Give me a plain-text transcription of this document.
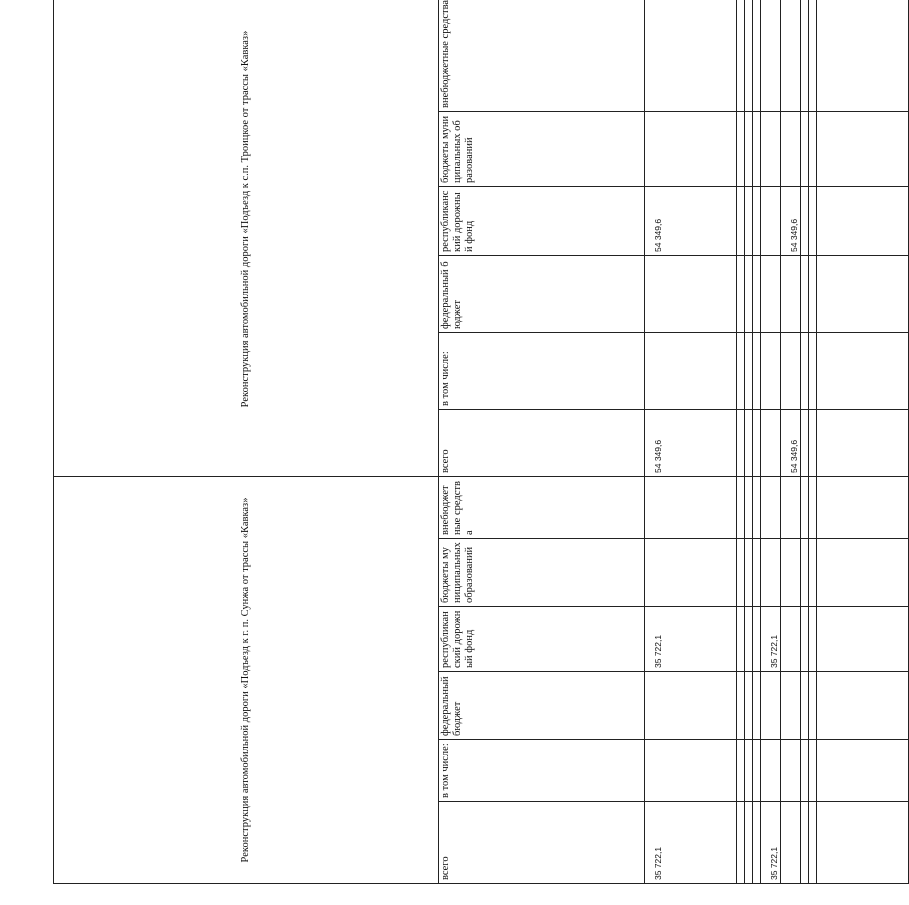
Реконструкция автомобильной дороги «Подъезд к г. п. Сунжа от трассы «Кавказ»						Реконструкция автомобильной дороги «Подъезд к с.п. Троицкое от трассы «Кавказ»	
всего	в том числе:	федеральный бюджет	республиканский дорожный фонд	бюджеты муниципальных образований	внебюджетные средства	всего	в том числе:	федеральный бюджет	республиканский дорожный фонд	бюджеты муниципальных образований	внебюджетные средства			
35 722,1			35 722,1			54 349,6			54 349,6					

35 722,1			35 722,1											
						54 349,6			54 349,6					
